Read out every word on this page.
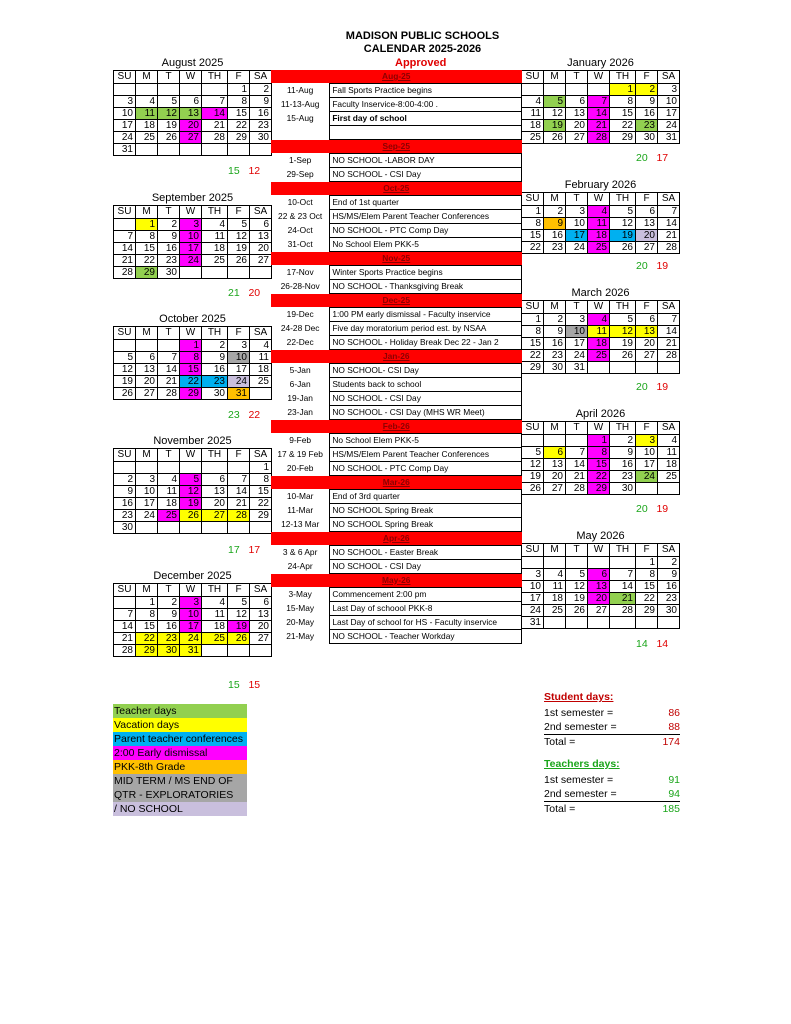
MADISON PUBLIC SCHOOLS
CALENDAR 2025-2026
Approved
August 2025
SU	M	T	W	TH	F	SA
					1	2
3	4	5	6	7	8	9
10	11	12	13	14	15	16
17	18	19	20	21	22	23
24	25	26	27	28	29	30
31						
15 12
September 2025
SU	M	T	W	TH	F	SA
	1	2	3	4	5	6
7	8	9	10	11	12	13
14	15	16	17	18	19	20
21	22	23	24	25	26	27
28	29	30				
21 20
October 2025
SU	M	T	W	TH	F	SA
			1	2	3	4
5	6	7	8	9	10	11
12	13	14	15	16	17	18
19	20	21	22	23	24	25
26	27	28	29	30	31	
23 22
November 2025
SU	M	T	W	TH	F	SA
						1
2	3	4	5	6	7	8
9	10	11	12	13	14	15
16	17	18	19	20	21	22
23	24	25	26	27	28	29
30						
17 17
December 2025
SU	M	T	W	TH	F	SA
	1	2	3	4	5	6
7	8	9	10	11	12	13
14	15	16	17	18	19	20
21	22	23	24	25	26	27
28	29	30	31			
15 15
January 2026
SU	M	T	W	TH	F	SA
				1	2	3
4	5	6	7	8	9	10
11	12	13	14	15	16	17
18	19	20	21	22	23	24
25	26	27	28	29	30	31
20 17
February 2026
SU	M	T	W	TH	F	SA
1	2	3	4	5	6	7
8	9	10	11	12	13	14
15	16	17	18	19	20	21
22	23	24	25	26	27	28
20 19
March 2026
SU	M	T	W	TH	F	SA
1	2	3	4	5	6	7
8	9	10	11	12	13	14
15	16	17	18	19	20	21
22	23	24	25	26	27	28
29	30	31				
20 19
April 2026
SU	M	T	W	TH	F	SA
			1	2	3	4
5	6	7	8	9	10	11
12	13	14	15	16	17	18
19	20	21	22	23	24	25
26	27	28	29	30		
20 19
May 2026
SU	M	T	W	TH	F	SA
					1	2
3	4	5	6	7	8	9
10	11	12	13	14	15	16
17	18	19	20	21	22	23
24	25	26	27	28	29	30
31						
14 14
Aug-25	
11-Aug	Fall Sports Practice begins
11-13-Aug	Faculty Inservice-8:00-4:00 .
15-Aug	First day of school

Sep-25	
1-Sep	NO SCHOOL -LABOR DAY
29-Sep	NO SCHOOL - CSI Day
Oct-25	
10-Oct	End of 1st quarter
22 & 23 Oct	HS/MS/Elem Parent Teacher Conferences
24-Oct	NO SCHOOL - PTC Comp Day
31-Oct	No School Elem PKK-5
Nov-25	
17-Nov	Winter Sports Practice begins
26-28-Nov	NO SCHOOL - Thanksgiving Break
Dec-25	
19-Dec	1:00 PM early dismissal - Faculty inservice
24-28 Dec	Five day moratorium period est. by NSAA
22-Dec	NO SCHOOL - Holiday Break Dec 22 - Jan 2
Jan-26	
5-Jan	NO SCHOOL- CSI Day
6-Jan	Students back to school
19-Jan	NO SCHOOL - CSI Day
23-Jan	NO SCHOOL - CSI Day (MHS WR Meet)
Feb-26	
9-Feb	No School Elem PKK-5
17 & 19 Feb	HS/MS/Elem Parent Teacher Conferences
20-Feb	NO SCHOOL - PTC Comp Day
Mar-26	
10-Mar	End of 3rd quarter
11-Mar	NO SCHOOL Spring Break
12-13 Mar	NO SCHOOL Spring Break
Apr-26	
3 & 6 Apr	NO SCHOOL - Easter Break
24-Apr	NO SCHOOL - CSI Day
May-26	
3-May	Commencement 2:00 pm
15-May	Last Day of schoool PKK-8
20-May	Last Day of school for HS - Faculty inservice
21-May	NO SCHOOL - Teacher Workday
Teacher days
Vacation days
Parent teacher conferences
2:00 Early dismissal
PKK-8th Grade
MID TERM / MS END OF
QTR - EXPLORATORIES
/ NO SCHOOL
Student days:
1st semester =	86
2nd semester =	88
Total =	174
Teachers days:
1st semester =	91
2nd semester =	94
Total =	185
